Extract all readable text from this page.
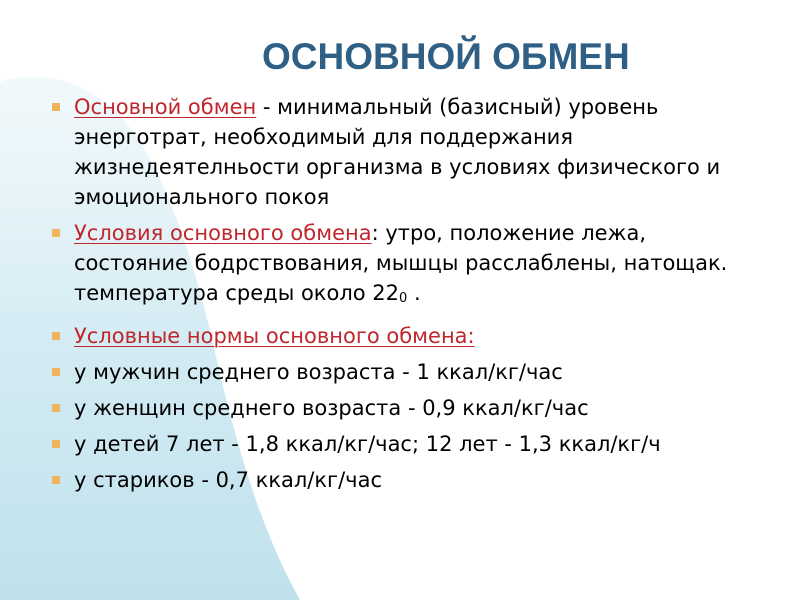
ОСНОВНОЙ ОБМЕН
Основной обмен - минимальный (базисный) уровень энерготрат, необходимый для поддержания жизнедеятелньости организма в условиях физического и эмоционального покоя
Условия основного обмена: утро, положение лежа, состояние бодрствования, мышцы расслаблены, натощак. температура среды около 220 .
Условные нормы основного обмена:
у мужчин среднего возраста - 1 ккал/кг/час
у женщин среднего возраста - 0,9 ккал/кг/час
у детей 7 лет - 1,8 ккал/кг/час; 12 лет - 1,3 ккал/кг/ч
у стариков - 0,7 ккал/кг/час
